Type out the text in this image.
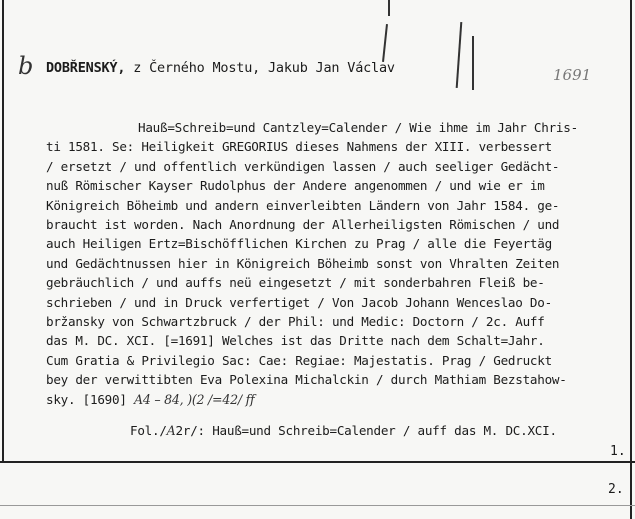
b DOBŘENSKÝ, z Černého Mostu, Jakub Jan Václav	1691
Hauß=Schreib=und Cantzley=Calender / Wie ihme im Jahr Chris-
ti 1581. Se: Heiligkeit GREGORIUS dieses Nahmens der XIII. verbessert
/ ersetzt / und offentlich verkündigen lassen / auch seeliger Gedächt-
nuß Römischer Kayser Rudolphus der Andere angenommen / und wie er im
Königreich Böheimb und andern einverleibten Ländern von Jahr 1584. ge-
braucht ist worden. Nach Anordnung der Allerheiligsten Römischen / und
auch Heiligen Ertz=Bischöfflichen Kirchen zu Prag / alle die Feyertäg
und Gedächtnussen hier in Königreich Böheimb sonst von Vhralten Zeiten
gebräuchlich / und auffs neü eingesetzt / mit sonderbahren Fleiß be-
schrieben / und in Druck verfertiget / Von Jacob Johann Wenceslao Do-
bržansky von Schwartzbruck / der Phil: und Medic: Doctorn / 2c. Auff
das M. DC. XCI. [=1691] Welches ist das Dritte nach dem Schalt=Jahr.
Cum Gratia & Privilegio Sac: Cae: Regiae: Majestatis. Prag / Gedruckt
bey der verwittibten Eva Polexina Michalckin / durch Mathiam Bezstahow-
sky. [1690] A4 – 84, )(2 /=42/ ff
Fol./A2r/: Hauß=und Schreib=Calender / auff das M. DC.XCI.
1.
2.
